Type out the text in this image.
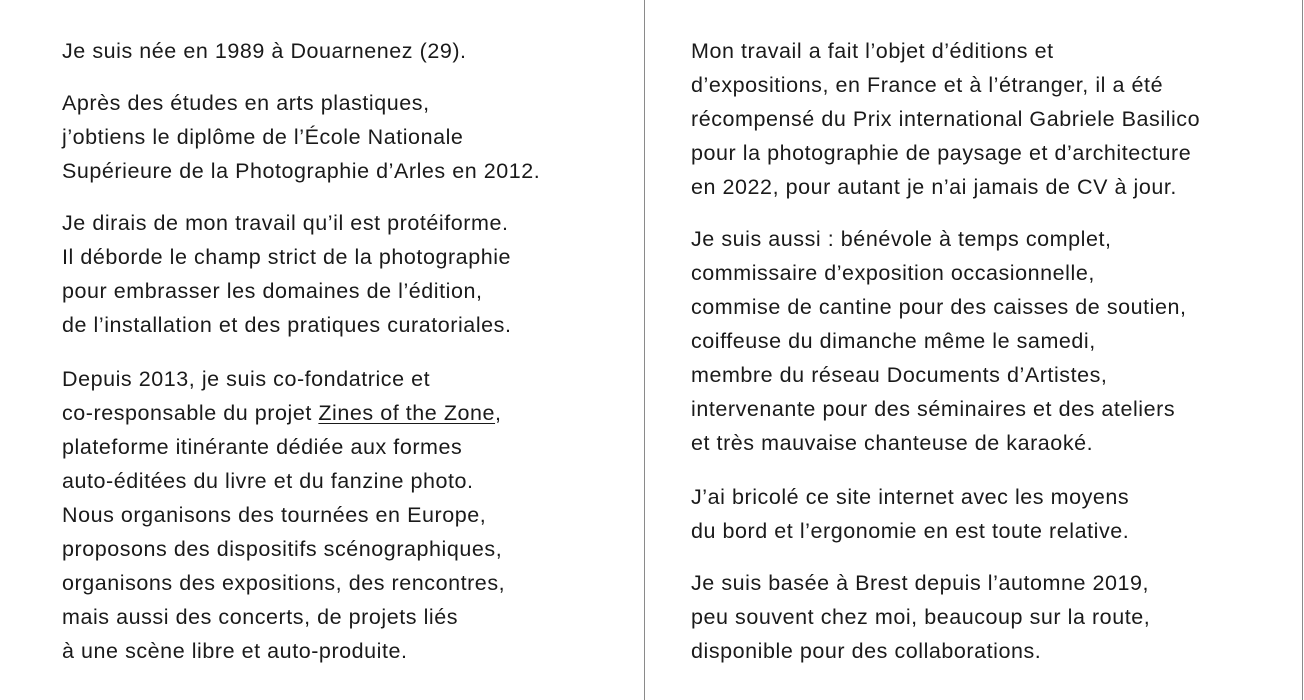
Je suis née en 1989 à Douarnenez (29).

Après des études en arts plastiques,
j’obtiens le diplôme de l’École Nationale
Supérieure de la Photographie d’Arles en 2012.

Je dirais de mon travail qu’il est protéiforme.
Il déborde le champ strict de la photographie
pour embrasser les domaines de l’édition,
de l’installation et des pratiques curatoriales.

Depuis 2013, je suis co-fondatrice et
co-responsable du projet Zines of the Zone,
plateforme itinérante dédiée aux formes
auto-éditées du livre et du fanzine photo.
Nous organisons des tournées en Europe,
proposons des dispositifs scénographiques,
organisons des expositions, des rencontres,
mais aussi des concerts, de projets liés
à une scène libre et auto-produite.

Mon travail a fait l’objet d’éditions et
d’expositions, en France et à l’étranger, il a été
récompensé du Prix international Gabriele Basilico
pour la photographie de paysage et d’architecture
en 2022, pour autant je n’ai jamais de CV à jour.

Je suis aussi : bénévole à temps complet,
commissaire d’exposition occasionnelle,
commise de cantine pour des caisses de soutien,
coiffeuse du dimanche même le samedi,
membre du réseau Documents d’Artistes,
intervenante pour des séminaires et des ateliers
et très mauvaise chanteuse de karaoké.

J’ai bricolé ce site internet avec les moyens
du bord et l’ergonomie en est toute relative.

Je suis basée à Brest depuis l’automne 2019,
peu souvent chez moi, beaucoup sur la route,
disponible pour des collaborations.
